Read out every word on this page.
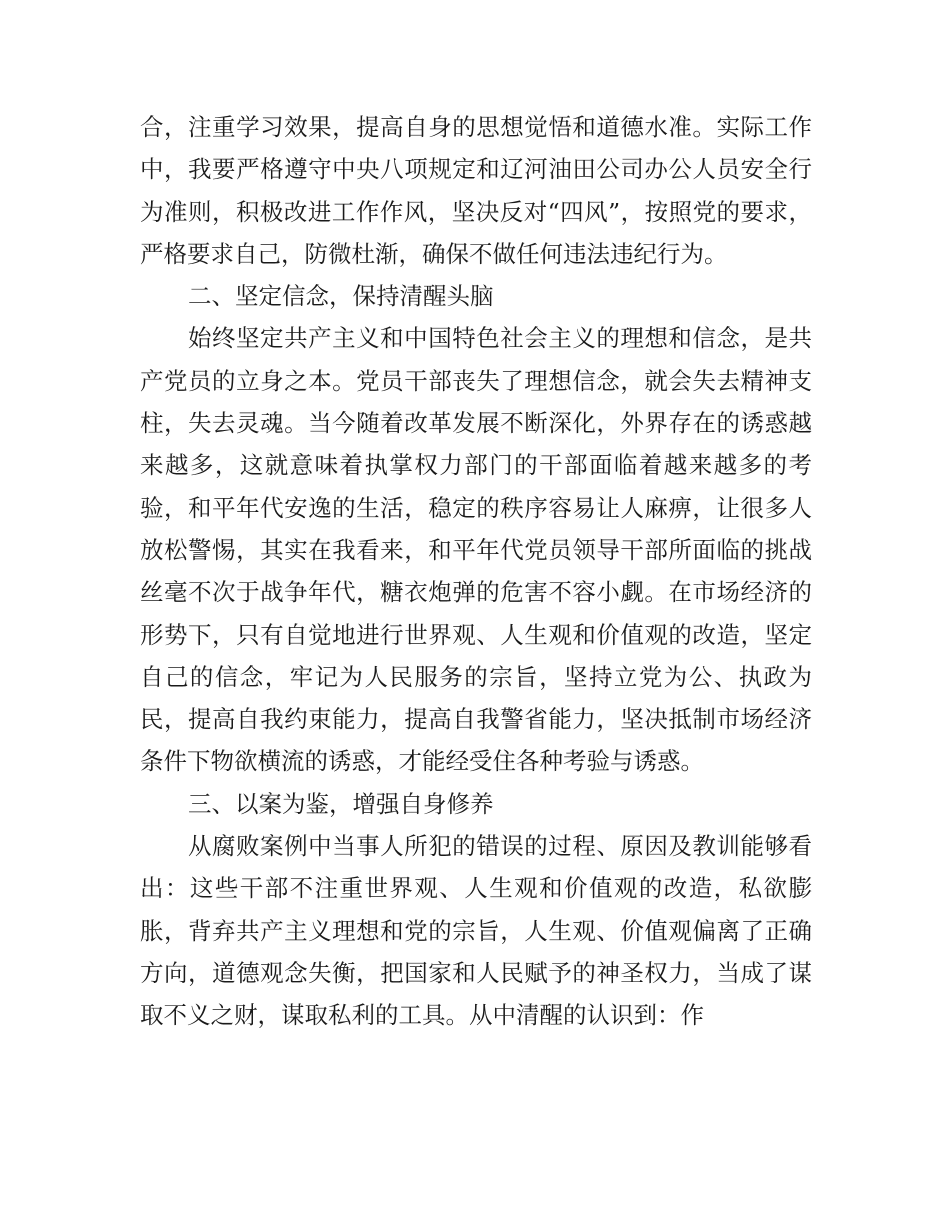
合，注重学习效果，提高自身的思想觉悟和道德水准。实际工作中，我要严格遵守中央八项规定和辽河油田公司办公人员安全行为准则，积极改进工作作风，坚决反对“四风”，按照党的要求，严格要求自己，防微杜渐，确保不做任何违法违纪行为。

二、坚定信念，保持清醒头脑

始终坚定共产主义和中国特色社会主义的理想和信念，是共产党员的立身之本。党员干部丧失了理想信念，就会失去精神支柱，失去灵魂。当今随着改革发展不断深化，外界存在的诱惑越来越多，这就意味着执掌权力部门的干部面临着越来越多的考验，和平年代安逸的生活，稳定的秩序容易让人麻痹，让很多人放松警惕，其实在我看来，和平年代党员领导干部所面临的挑战丝毫不次于战争年代，糖衣炮弹的危害不容小觑。在市场经济的形势下，只有自觉地进行世界观、人生观和价值观的改造，坚定自己的信念，牢记为人民服务的宗旨，坚持立党为公、执政为民，提高自我约束能力，提高自我警省能力，坚决抵制市场经济条件下物欲横流的诱惑，才能经受住各种考验与诱惑。

三、以案为鉴，增强自身修养

从腐败案例中当事人所犯的错误的过程、原因及教训能够看出：这些干部不注重世界观、人生观和价值观的改造，私欲膨胀，背弃共产主义理想和党的宗旨，人生观、价值观偏离了正确方向，道德观念失衡，把国家和人民赋予的神圣权力，当成了谋取不义之财，谋取私利的工具。从中清醒的认识到：作
